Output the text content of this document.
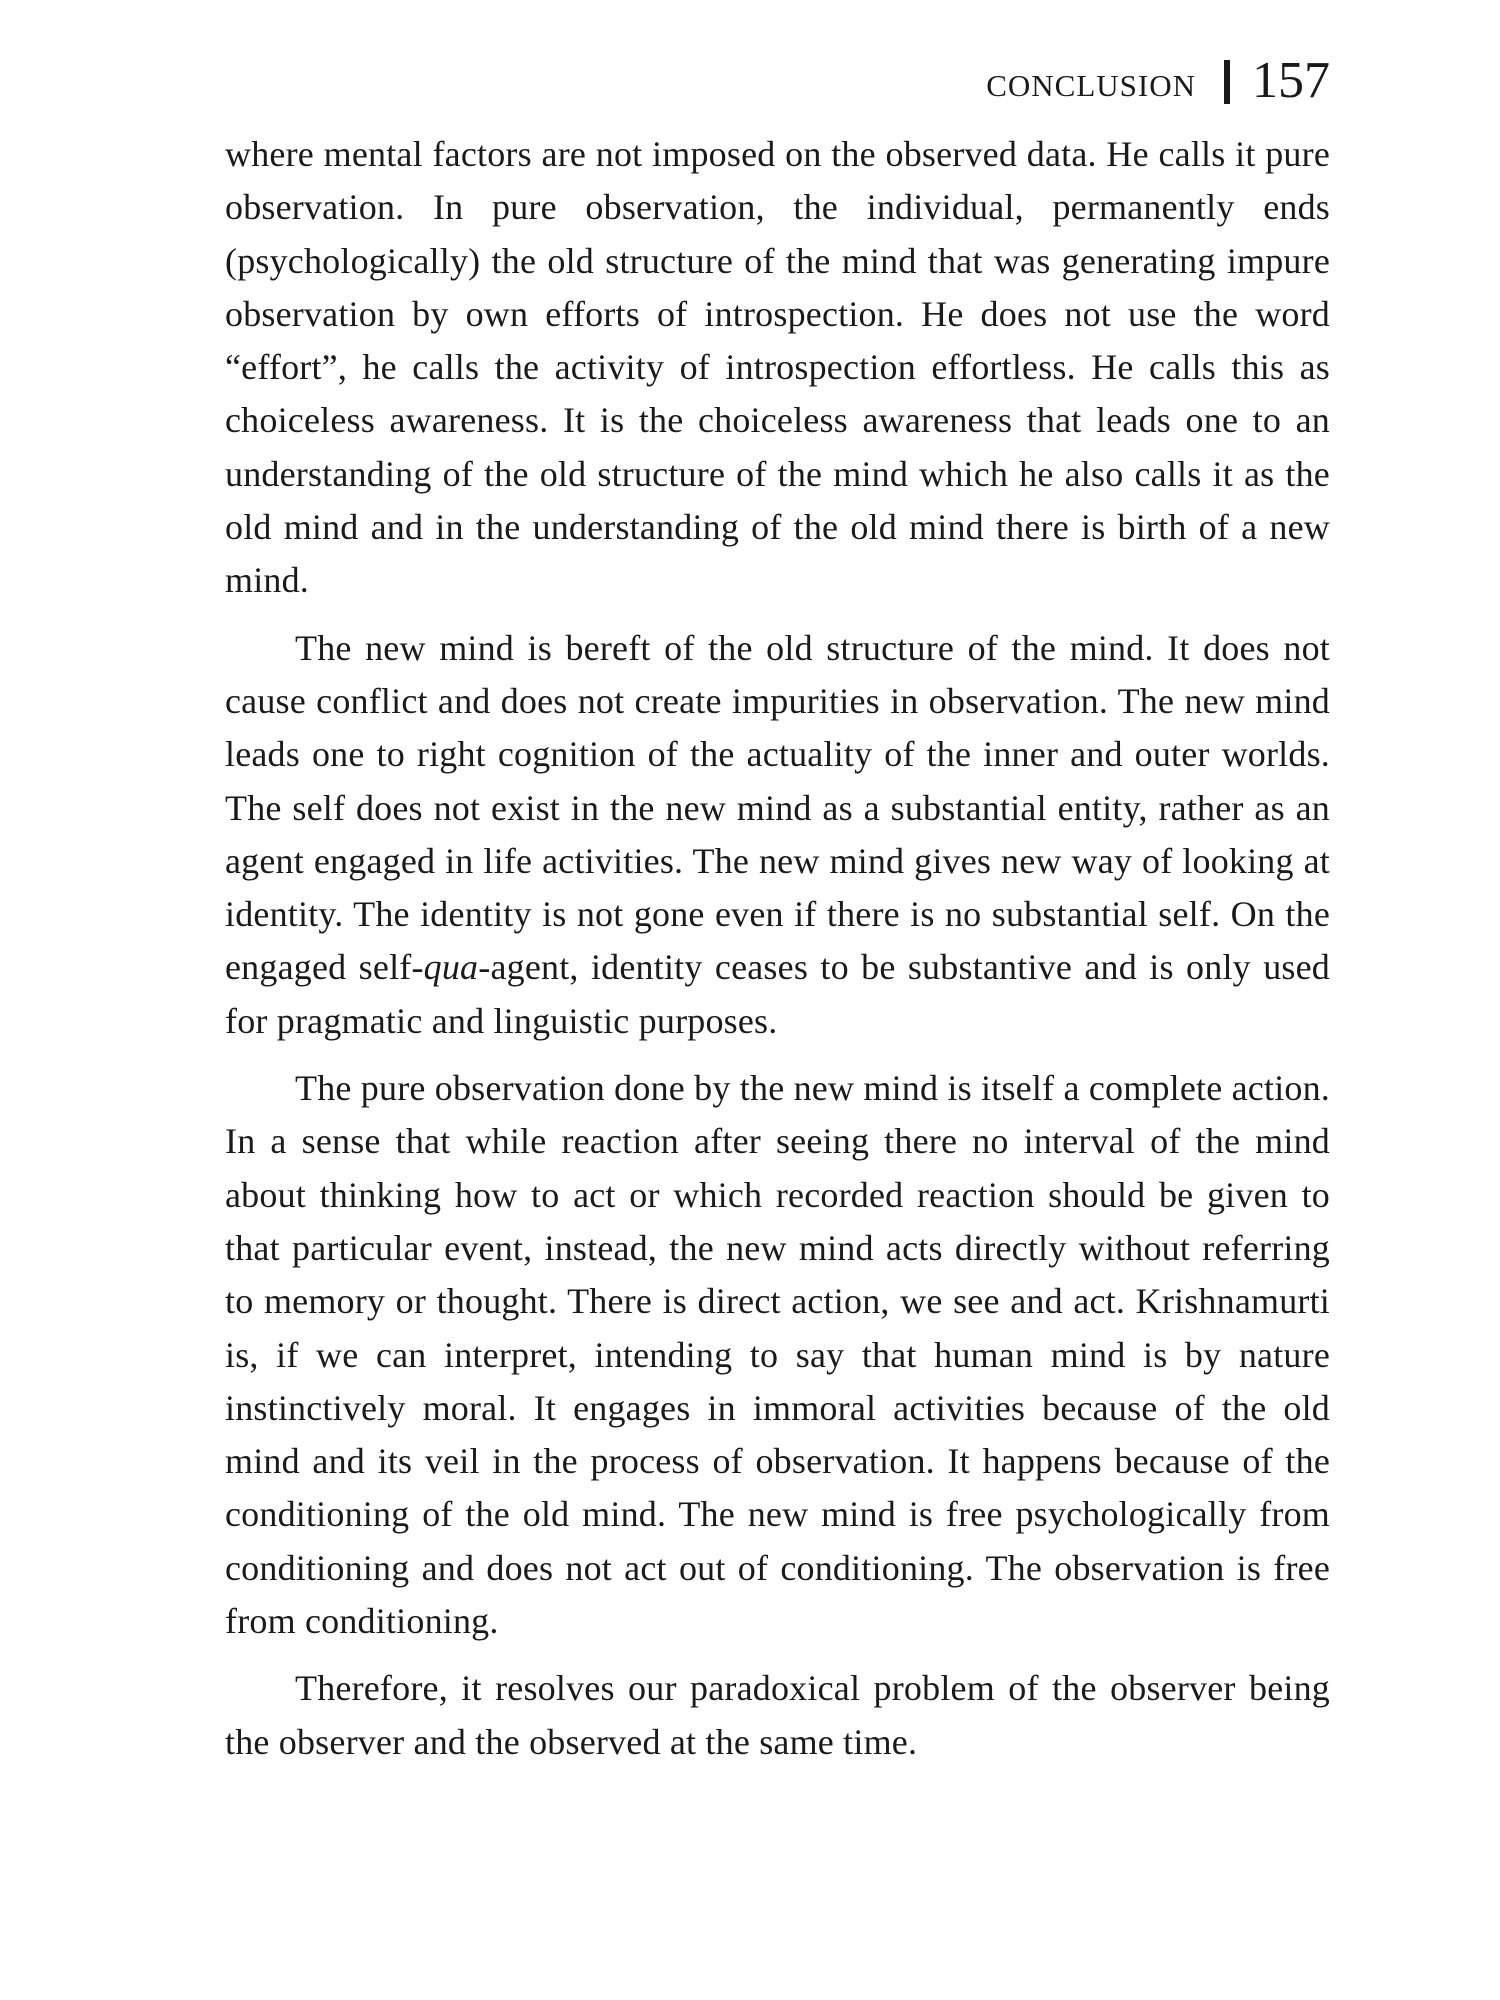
CONCLUSION 157

where mental factors are not imposed on the observed data. He calls it pure observation. In pure observation, the individual, permanently ends (psychologically) the old structure of the mind that was generating impure observation by own efforts of introspection. He does not use the word “effort”, he calls the activity of introspection effortless. He calls this as choiceless awareness. It is the choiceless awareness that leads one to an understanding of the old structure of the mind which he also calls it as the old mind and in the understanding of the old mind there is birth of a new mind.

The new mind is bereft of the old structure of the mind. It does not cause conflict and does not create impurities in observation. The new mind leads one to right cognition of the actuality of the inner and outer worlds. The self does not exist in the new mind as a substantial entity, rather as an agent engaged in life activities. The new mind gives new way of looking at identity. The identity is not gone even if there is no substantial self. On the engaged self-qua-agent, identity ceases to be substantive and is only used for pragmatic and linguistic purposes.

The pure observation done by the new mind is itself a complete action. In a sense that while reaction after seeing there no interval of the mind about thinking how to act or which recorded reaction should be given to that particular event, instead, the new mind acts directly without referring to memory or thought. There is direct action, we see and act. Krishnamurti is, if we can interpret, intending to say that human mind is by nature instinctively moral. It engages in immoral activities because of the old mind and its veil in the process of observation. It happens because of the conditioning of the old mind. The new mind is free psychologically from conditioning and does not act out of conditioning. The observation is free from conditioning.

Therefore, it resolves our paradoxical problem of the observer being the observer and the observed at the same time.
